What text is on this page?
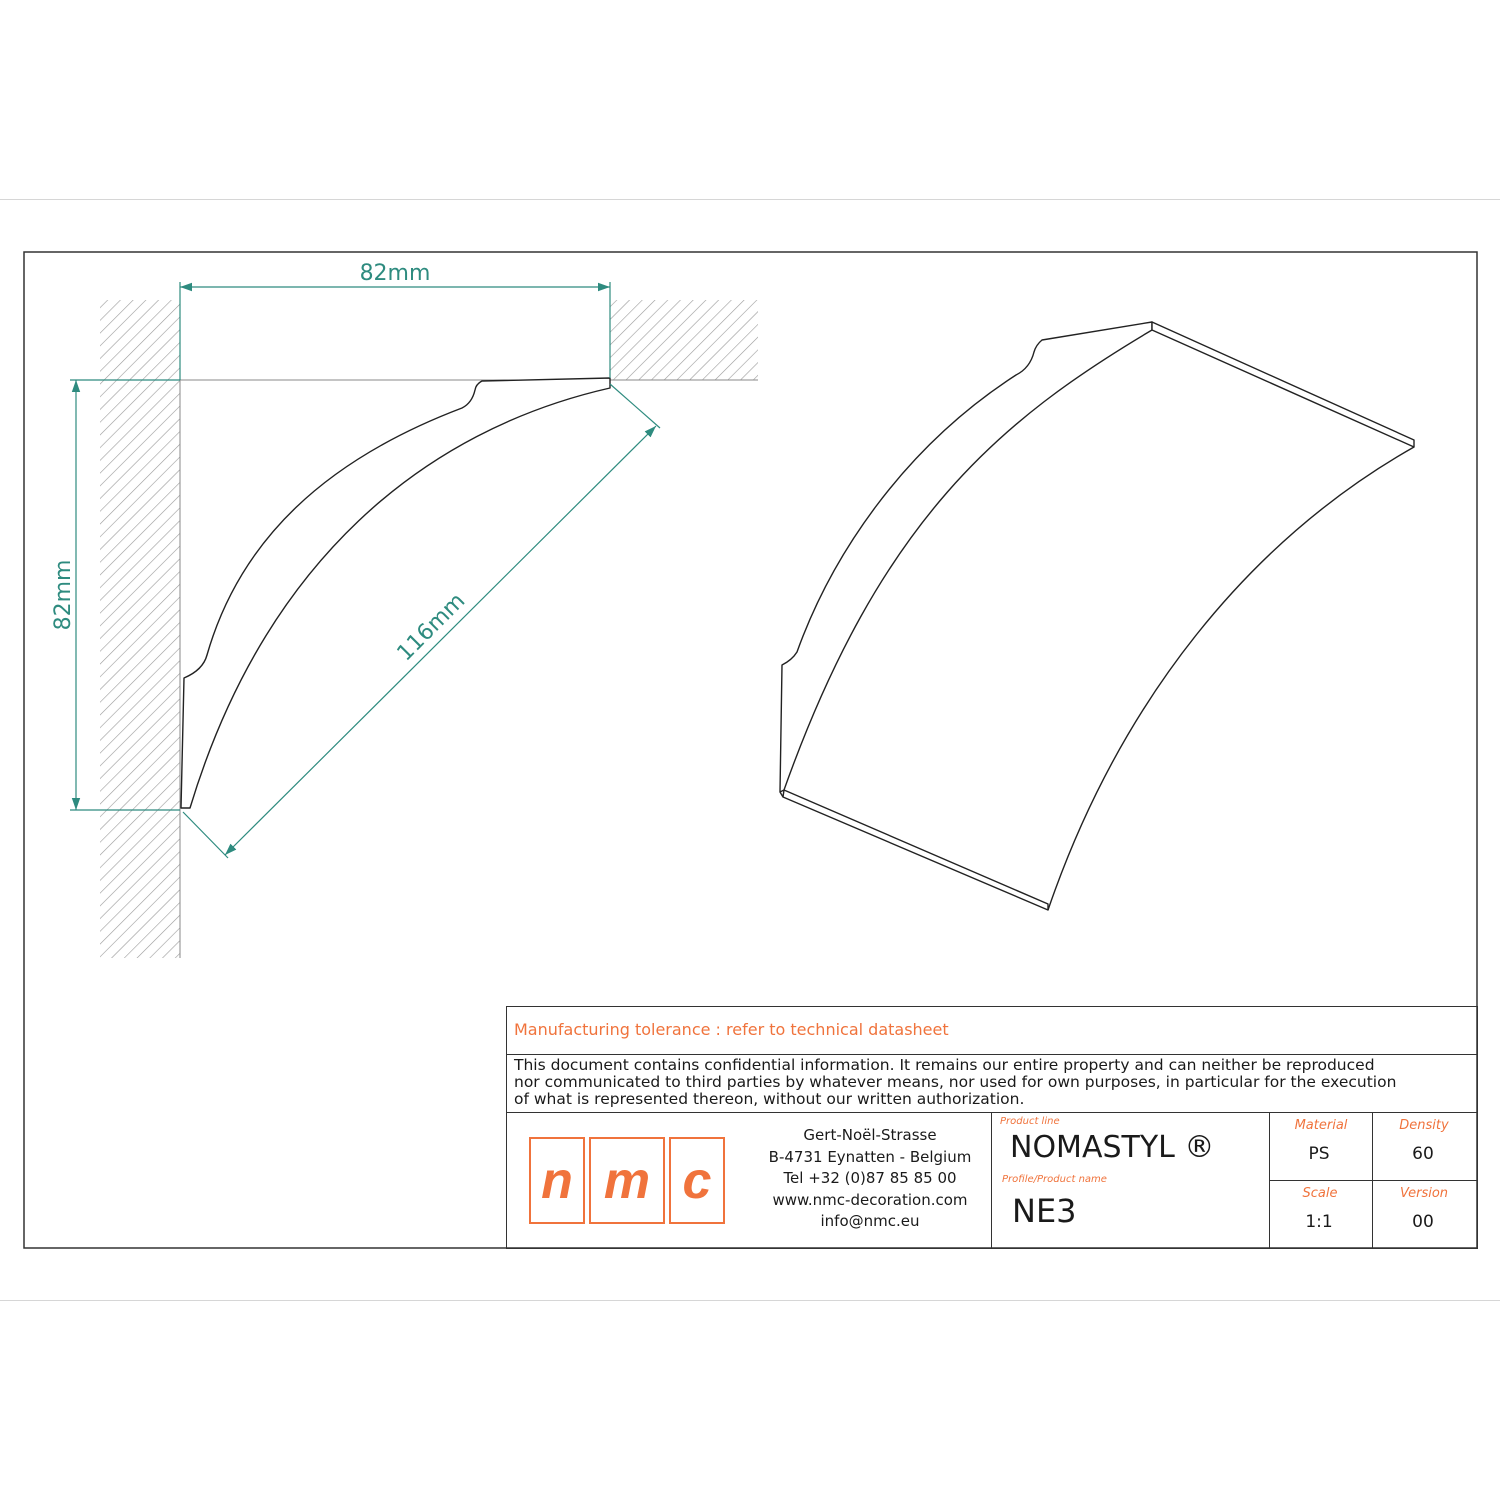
82mm
82mm	116mm
Manufacturing tolerance : refer to technical datasheet
This document contains confidential information. It remains our entire property and can neither be reproduced
nor communicated to third parties by whatever means, nor used for own purposes, in particular for the execution
of what is represented thereon, without our written authorization.
n m c
Gert-Noël-Strasse
B-4731 Eynatten - Belgium
Tel +32 (0)87 85 85 00
www.nmc-decoration.com
info@nmc.eu
Product line
NOMASTYL ®
Profile/Product name
NE3
Material
PS
Density
60
Scale
1:1
Version
00
